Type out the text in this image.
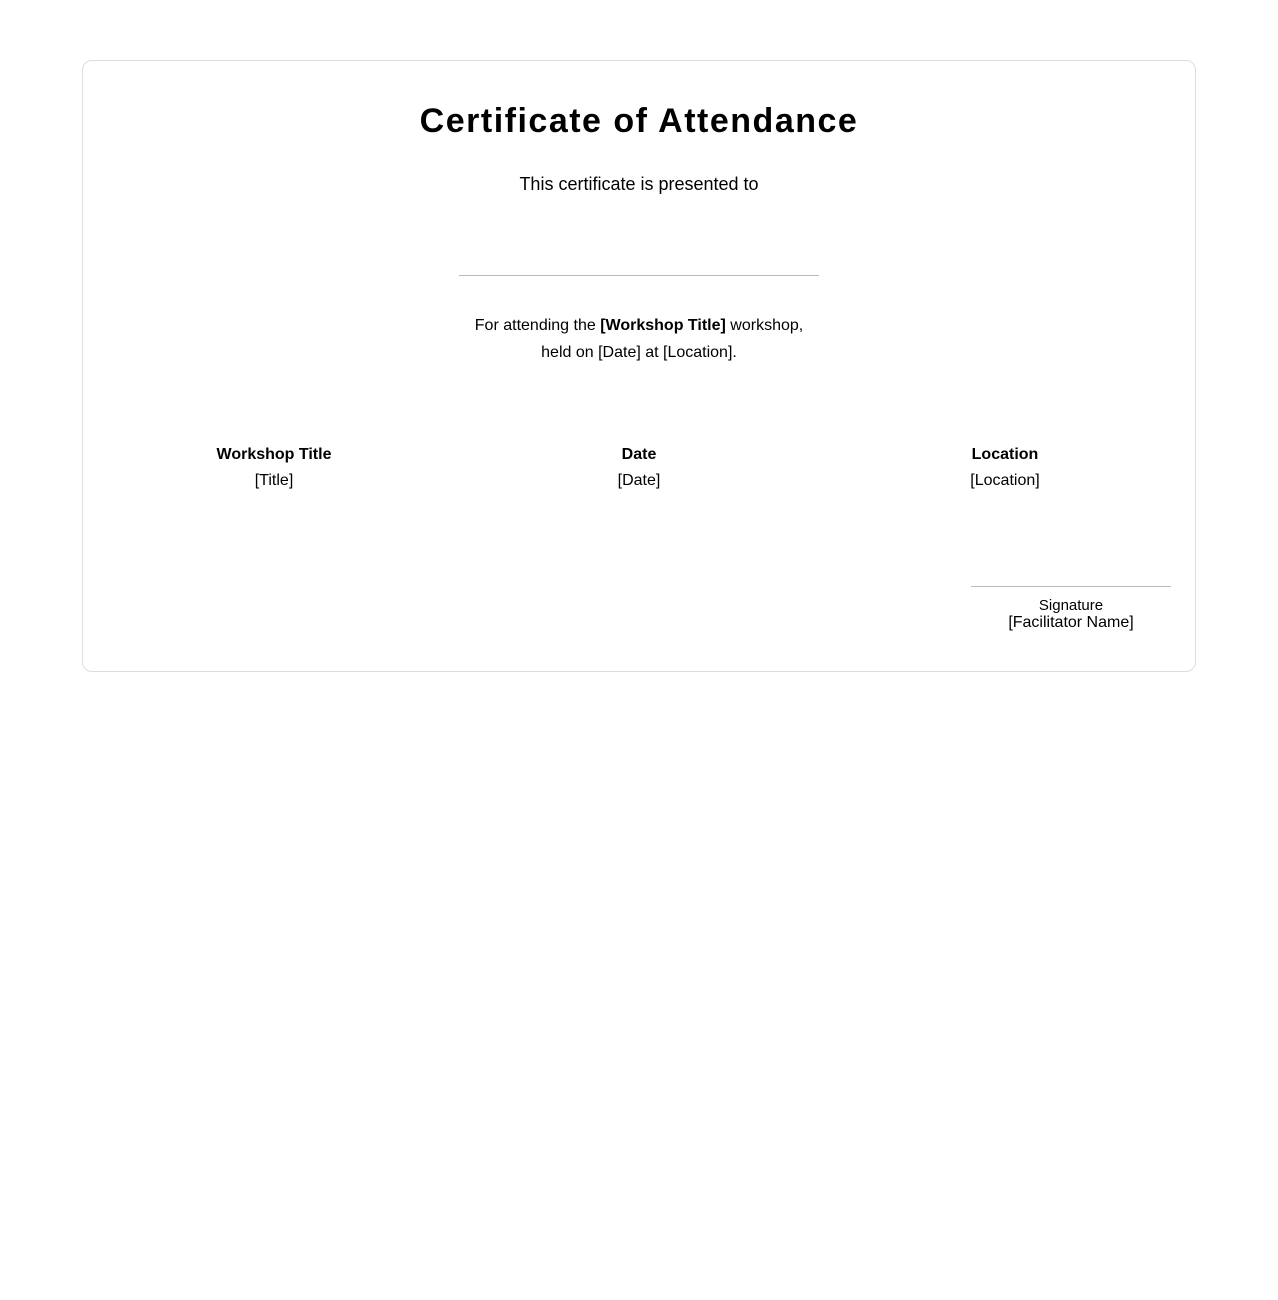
Certificate of Attendance

This certificate is presented to

For attending the [Workshop Title] workshop,
held on [Date] at [Location].

Workshop Title
[Title]
Date
[Date]
Location
[Location]
Signature
[Facilitator Name]
